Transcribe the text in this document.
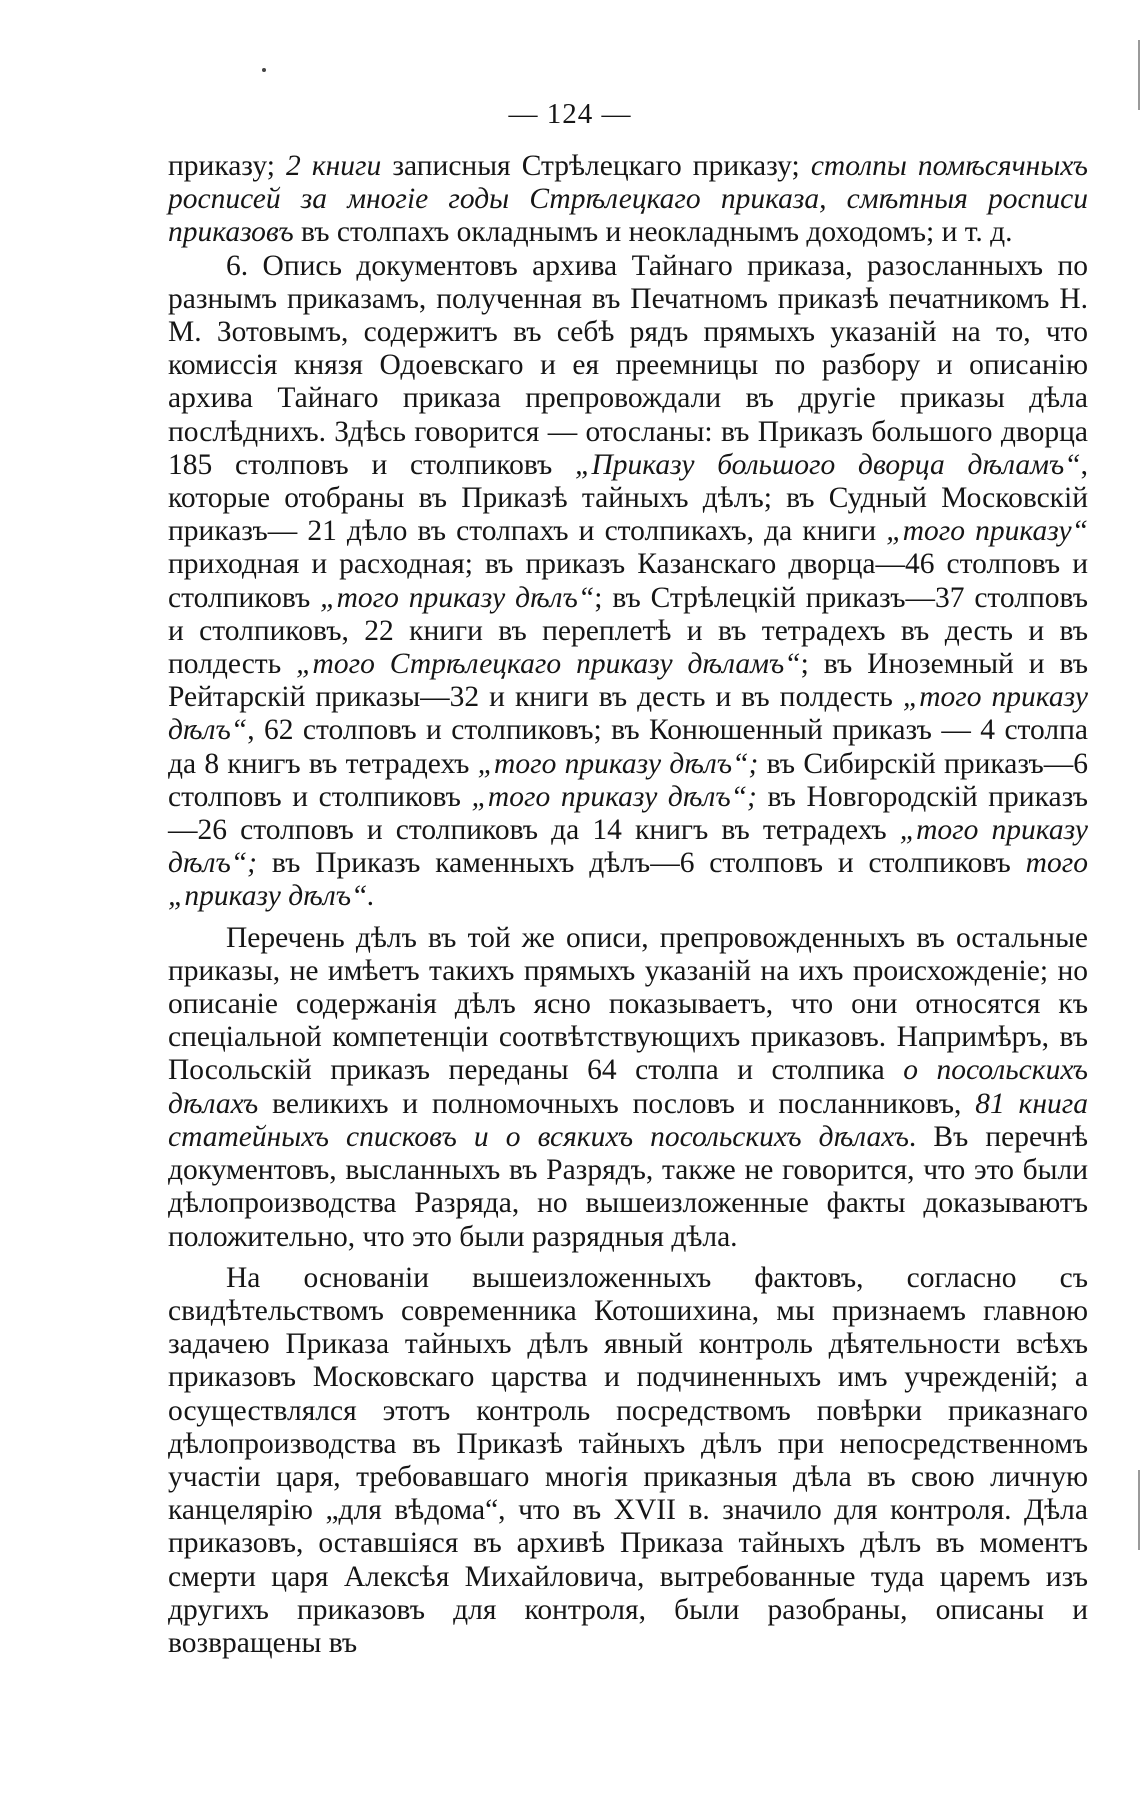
— 124 —

приказу; 2 книги записныя Стрѣлецкаго приказу; столпы помѣсячныхъ росписей за многіе годы Стрѣлецкаго приказа, смѣтныя росписи приказовъ въ столпахъ окладнымъ и неокладнымъ доходомъ; и т. д.

6. Опись документовъ архива Тайнаго приказа, разосланныхъ по разнымъ приказамъ, полученная въ Печатномъ приказѣ печатникомъ Н. М. Зотовымъ, содержитъ въ себѣ рядъ прямыхъ указаній на то, что комиссія князя Одоевскаго и ея преемницы по разбору и описанію архива Тайнаго приказа препровождали въ другіе приказы дѣла послѣднихъ. Здѣсь говорится — отосланы: въ Приказъ большого дворца 185 столповъ и столпиковъ „Приказу большого дворца дѣламъ“, которые отобраны въ Приказѣ тайныхъ дѣлъ; въ Судный Московскій приказъ— 21 дѣло въ столпахъ и столпикахъ, да книги „того приказу“ приходная и расходная; въ приказъ Казанскаго дворца—46 столповъ и столпиковъ „того приказу дѣлъ“; въ Стрѣлецкій приказъ—37 столповъ и столпиковъ, 22 книги въ переплетѣ и въ тетрадехъ въ десть и въ полдесть „того Стрѣлецкаго приказу дѣламъ“; въ Иноземный и въ Рейтарскій приказы—32 и книги въ десть и въ полдесть „того приказу дѣлъ“, 62 столповъ и столпиковъ; въ Конюшенный приказъ — 4 столпа да 8 книгъ въ тетрадехъ „того приказу дѣлъ“; въ Сибирскій приказъ—6 столповъ и столпиковъ „того приказу дѣлъ“; въ Новгородскій приказъ—26 столповъ и столпиковъ да 14 книгъ въ тетрадехъ „того приказу дѣлъ“; въ Приказъ каменныхъ дѣлъ—6 столповъ и столпиковъ того „приказу дѣлъ“.

Перечень дѣлъ въ той же описи, препровожденныхъ въ остальные приказы, не имѣетъ такихъ прямыхъ указаній на ихъ происхожденіе; но описаніе содержанія дѣлъ ясно показываетъ, что они относятся къ спеціальной компетенціи соотвѣтствующихъ приказовъ. Напримѣръ, въ Посольскій приказъ переданы 64 столпа и столпика о посольскихъ дѣлахъ великихъ и полномочныхъ пословъ и посланниковъ, 81 книга статейныхъ списковъ и о всякихъ посольскихъ дѣлахъ. Въ перечнѣ документовъ, высланныхъ въ Разрядъ, также не говорится, что это были дѣлопроизводства Разряда, но вышеизложенные факты доказываютъ положительно, что это были разрядныя дѣла.

На основаніи вышеизложенныхъ фактовъ, согласно съ свидѣтельствомъ современника Котошихина, мы признаемъ главною задачею Приказа тайныхъ дѣлъ явный контроль дѣятельности всѣхъ приказовъ Московскаго царства и подчиненныхъ имъ учрежденій; а осуществлялся этотъ контроль посредствомъ повѣрки приказнаго дѣлопроизводства въ Приказѣ тайныхъ дѣлъ при непосредственномъ участіи царя, требовавшаго многія приказныя дѣла въ свою личную канцелярію „для вѣдома“, что въ XVII в. значило для контроля. Дѣла приказовъ, оставшіяся въ архивѣ Приказа тайныхъ дѣлъ въ моментъ смерти царя Алексѣя Михайловича, вытребованные туда царемъ изъ другихъ приказовъ для контроля, были разобраны, описаны и возвращены въ
